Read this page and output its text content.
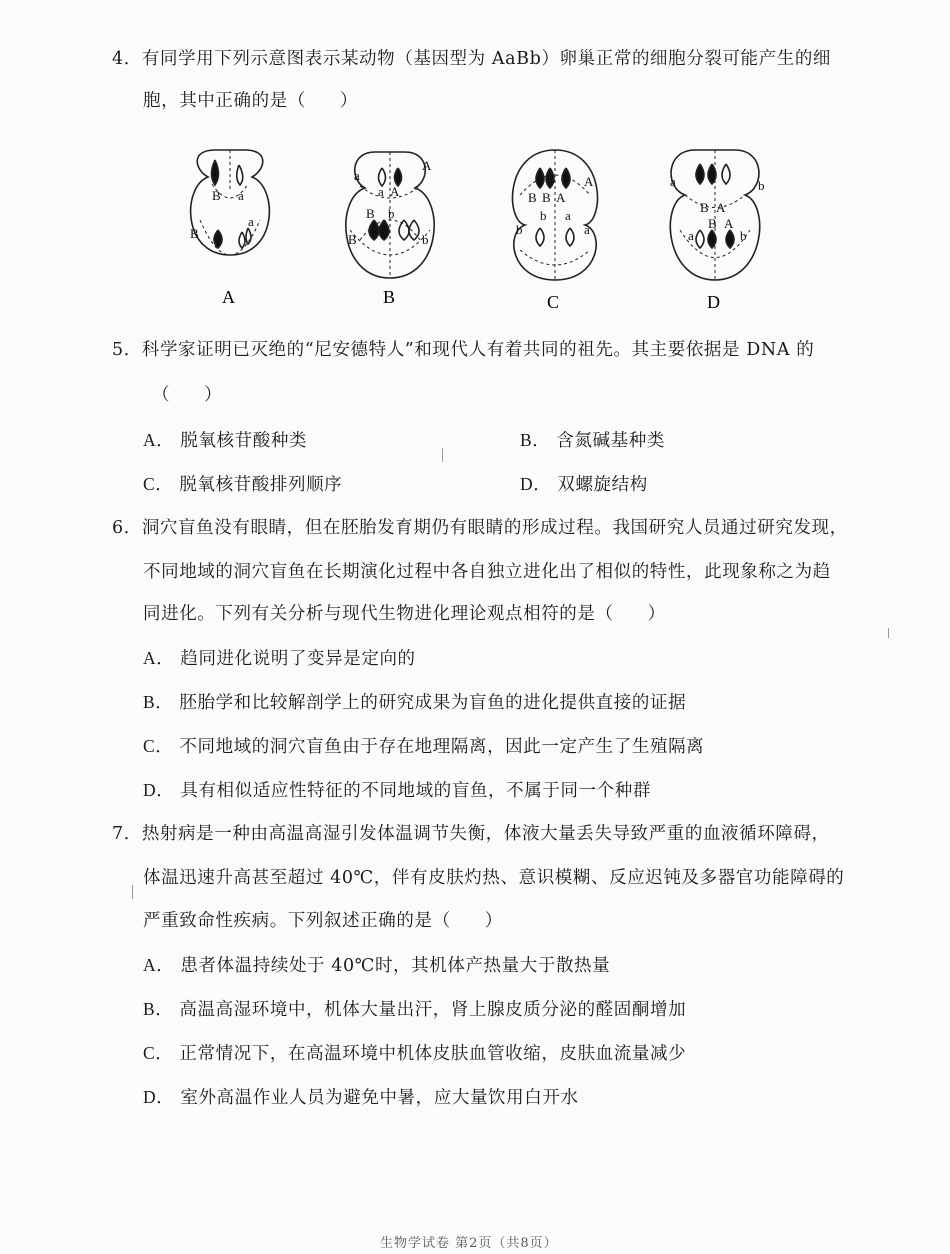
4．有同学用下列示意图表示某动物（基因型为 AaBb）卵巢正常的细胞分裂可能产生的细
胞，其中正确的是（ ）
B a
B
a
A
a
a A
A
B b
B	b
B
B B A
A
b a
b	a
C
a	b
B A
a
B A
b
D
5．科学家证明已灭绝的“尼安德特人”和现代人有着共同的祖先。其主要依据是 DNA 的
（ ）
A． 脱氧核苷酸种类	B． 含氮碱基种类
C． 脱氧核苷酸排列顺序	D． 双螺旋结构
6．洞穴盲鱼没有眼睛，但在胚胎发育期仍有眼睛的形成过程。我国研究人员通过研究发现，
不同地域的洞穴盲鱼在长期演化过程中各自独立进化出了相似的特性，此现象称之为趋
同进化。下列有关分析与现代生物进化理论观点相符的是（ ）
A． 趋同进化说明了变异是定向的
B． 胚胎学和比较解剖学上的研究成果为盲鱼的进化提供直接的证据
C． 不同地域的洞穴盲鱼由于存在地理隔离，因此一定产生了生殖隔离
D． 具有相似适应性特征的不同地域的盲鱼，不属于同一个种群
7．热射病是一种由高温高湿引发体温调节失衡，体液大量丢失导致严重的血液循环障碍，
体温迅速升高甚至超过 40℃，伴有皮肤灼热、意识模糊、反应迟钝及多器官功能障碍的
严重致命性疾病。下列叙述正确的是（ ）
A． 患者体温持续处于 40℃时，其机体产热量大于散热量
B． 高温高湿环境中，机体大量出汗，肾上腺皮质分泌的醛固酮增加
C． 正常情况下，在高温环境中机体皮肤血管收缩，皮肤血流量减少
D． 室外高温作业人员为避免中暑，应大量饮用白开水
生物学试卷 第2页（共8页）
